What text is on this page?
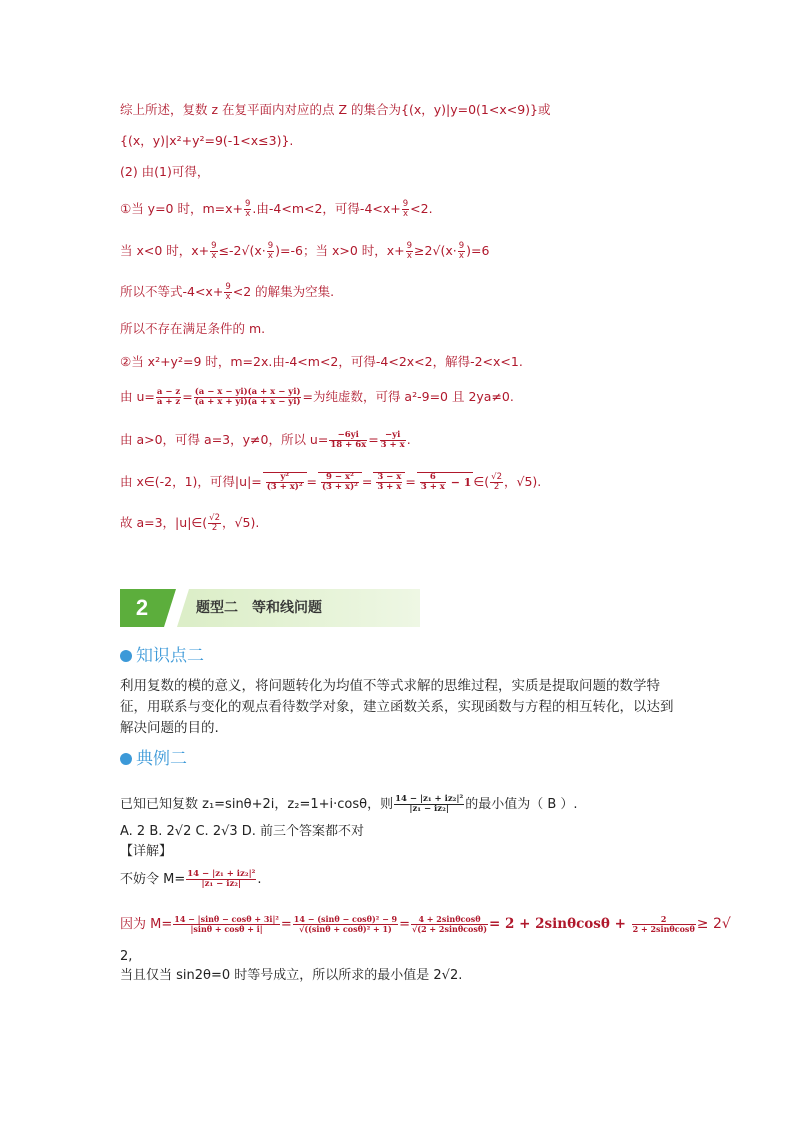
综上所述，复数 z 在复平面内对应的点 Z 的集合为{(x，y)|y=0(1<x<9)}或
{(x，y)|x²+y²=9(-1<x≤3)}.
(2) 由(1)可得，
①当 y=0 时，$m=x+ \frac{9}{x}$ .由-4<m<2，可得$-4<x+ \frac{9}{x} <2$.
当 x<0 时，$x+ \frac{9}{x} \le-2√(x\cdot \frac{9}{x} )=-6$；当 x>0 时，$x+ \frac{9}{x} \ge 2√(x\cdot \frac{9}{x} )=6$
所以不等式$-4<x+ \frac{9}{x} <2$ 的解集为空集.
所以不存在满足条件的 m.
②当 x²+y²=9 时，m=2x.由-4<m<2，可得-4<2x<2，解得-2<x<1.
由 $u= \frac{a - z}{a + z} = \frac{(a - x - yi)(a + x - yi)}{(a + x + yi)(a + x - yi)}$ =为纯虚数，可得 a²-9=0 且 2ya≠0.
由 a>0，可得 a=3，y≠0，所以 $u= \frac{-6yi}{18 + 6x} = \frac{-yi}{3 + x}$ .
由 x∈(-2，1)，可得$|u|= \frac{\text{y²}}{\text{(3 + x)²}} = \frac{\text{9 − x²}}{\text{(3 + x)²}} = \frac{3 - x}{3 + x} = \frac{6}{3 + x} - 1$ ∈( $\frac{√2}{2}$ ，√5).
故 a=3，|u|∈( $\frac{√2}{2}$ ，√5).
2	题型二　等和线问题
知识点二
利用复数的模的意义，将问题转化为均值不等式求解的思维过程，实质是提取问题的数学特征，用联系与变化的观点看待数学对象，建立函数关系，实现函数与方程的相互转化，以达到解决问题的目的.
典例二
已知已知复数 z₁=sinθ+2i，z₂=1+i·cosθ，则 $\frac{\text{14 − |z₁ + iz₂|²}}{\text{|z₁ − iz₂|}}$ 的最小值为（ B ）.
A. 2 B. 2√2 C. 2√3 D. 前三个答案都不对
【详解】
不妨令 $M= \frac{\text{14 − |z₁ + iz₂|²}}{\text{|z₁ − iz₂|}}$ .
因为 $M= \frac{\text{14 − |sinθ − cosθ + 3i|²}}{|\sin\theta + \cos\theta + i|} = \frac{\text{14 − (sinθ − cosθ)² − 9}}{\text{√((sinθ + cosθ)² + 1)}} = \frac{4 + 2\sin\theta\cos\theta}{√(2 + 2\sin\theta\cos\theta)} = 2 + 2\sin\theta\cos\theta + \frac{2}{2 + 2\sin\theta\cos\theta} \ge 2√$
2,
当且仅当 sin2θ=0 时等号成立，所以所求的最小值是 2√2.
